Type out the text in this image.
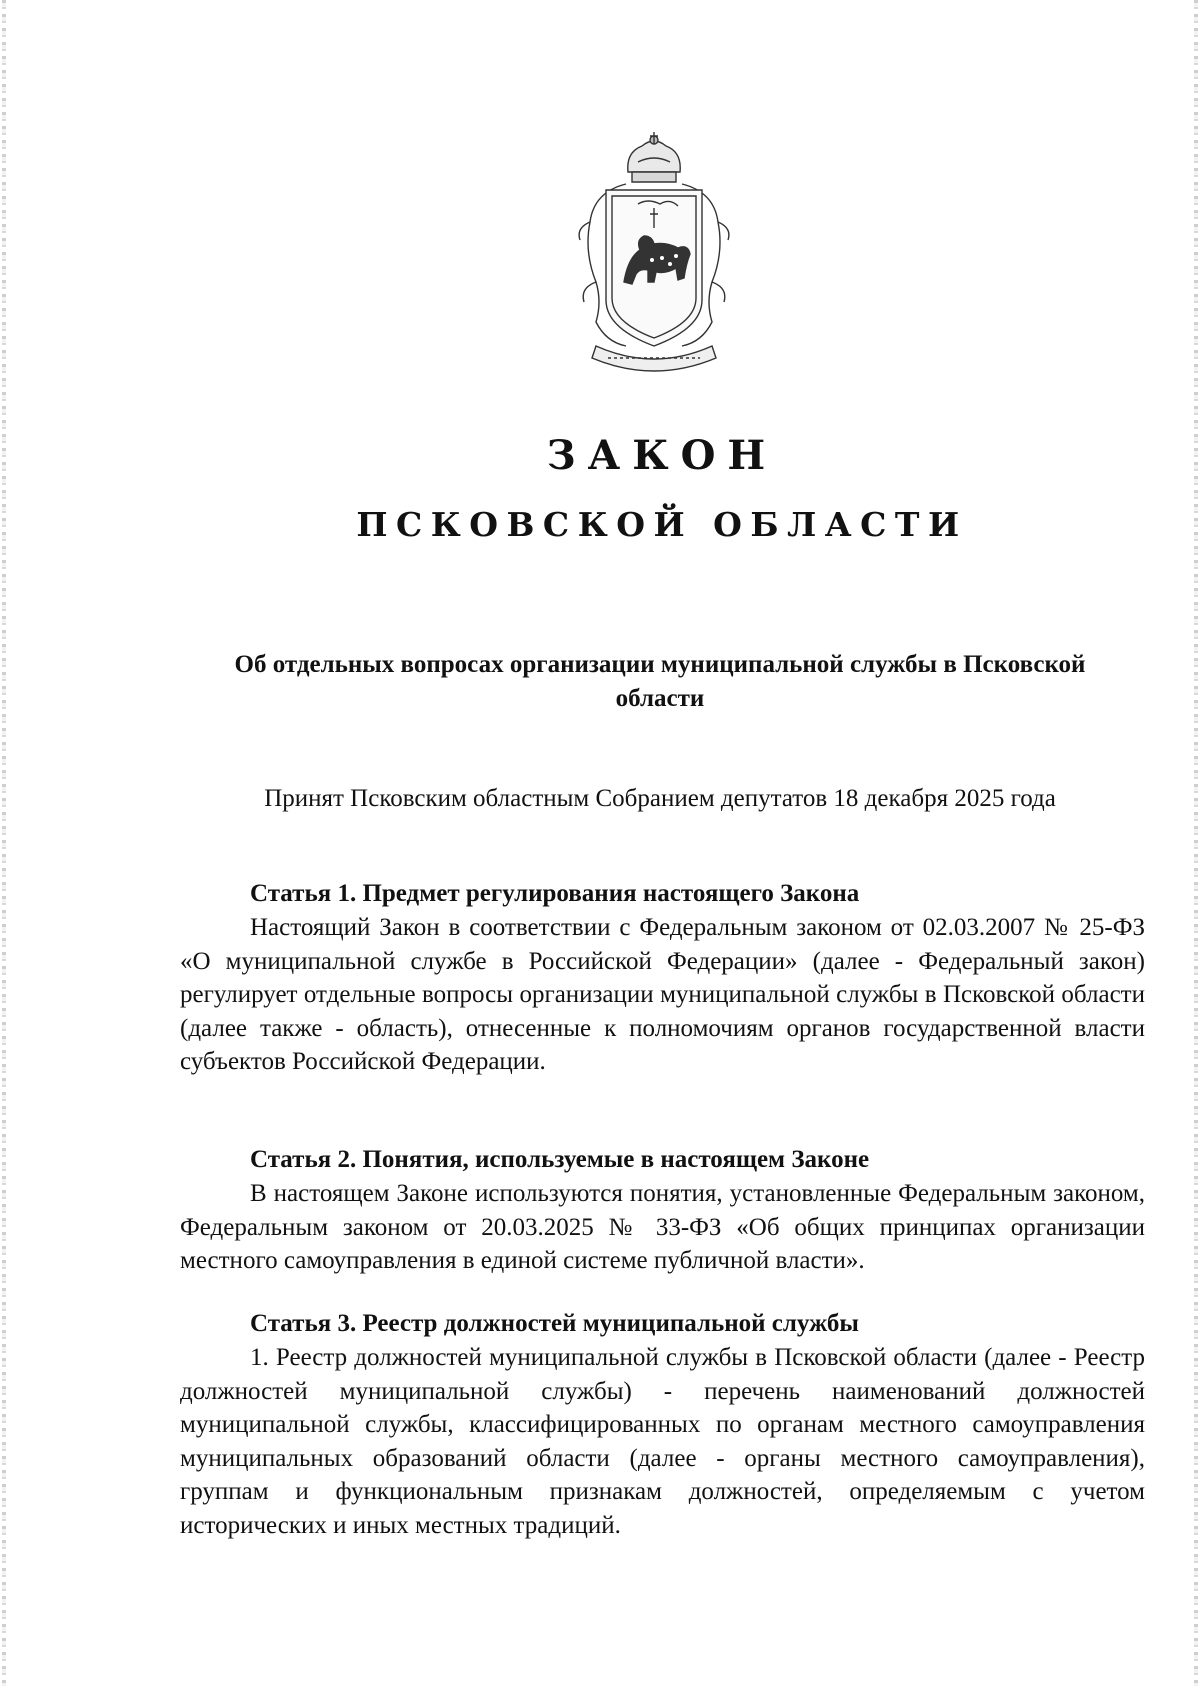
ЗАКОН
ПСКОВСКОЙ ОБЛАСТИ

Об отдельных вопросах организации муниципальной службы в Псковской области

Принят Псковским областным Собранием депутатов 18 декабря 2025 года

Статья 1. Предмет регулирования настоящего Закона

Настоящий Закон в соответствии с Федеральным законом от 02.03.2007 № 25-ФЗ «О муниципальной службе в Российской Федерации» (далее - Федеральный закон) регулирует отдельные вопросы организации муниципальной службы в Псковской области (далее также - область), отнесенные к полномочиям органов государственной власти субъектов Российской Федерации.

Статья 2. Понятия, используемые в настоящем Законе

В настоящем Законе используются понятия, установленные Федеральным законом, Федеральным законом от 20.03.2025 № 33-ФЗ «Об общих принципах организации местного самоуправления в единой системе публичной власти».

Статья 3. Реестр должностей муниципальной службы

1. Реестр должностей муниципальной службы в Псковской области (далее - Реестр должностей муниципальной службы) - перечень наименований должностей муниципальной службы, классифицированных по органам местного самоуправления муниципальных образований области (далее - органы местного самоуправления), группам и функциональным признакам должностей, определяемым с учетом исторических и иных местных традиций.
